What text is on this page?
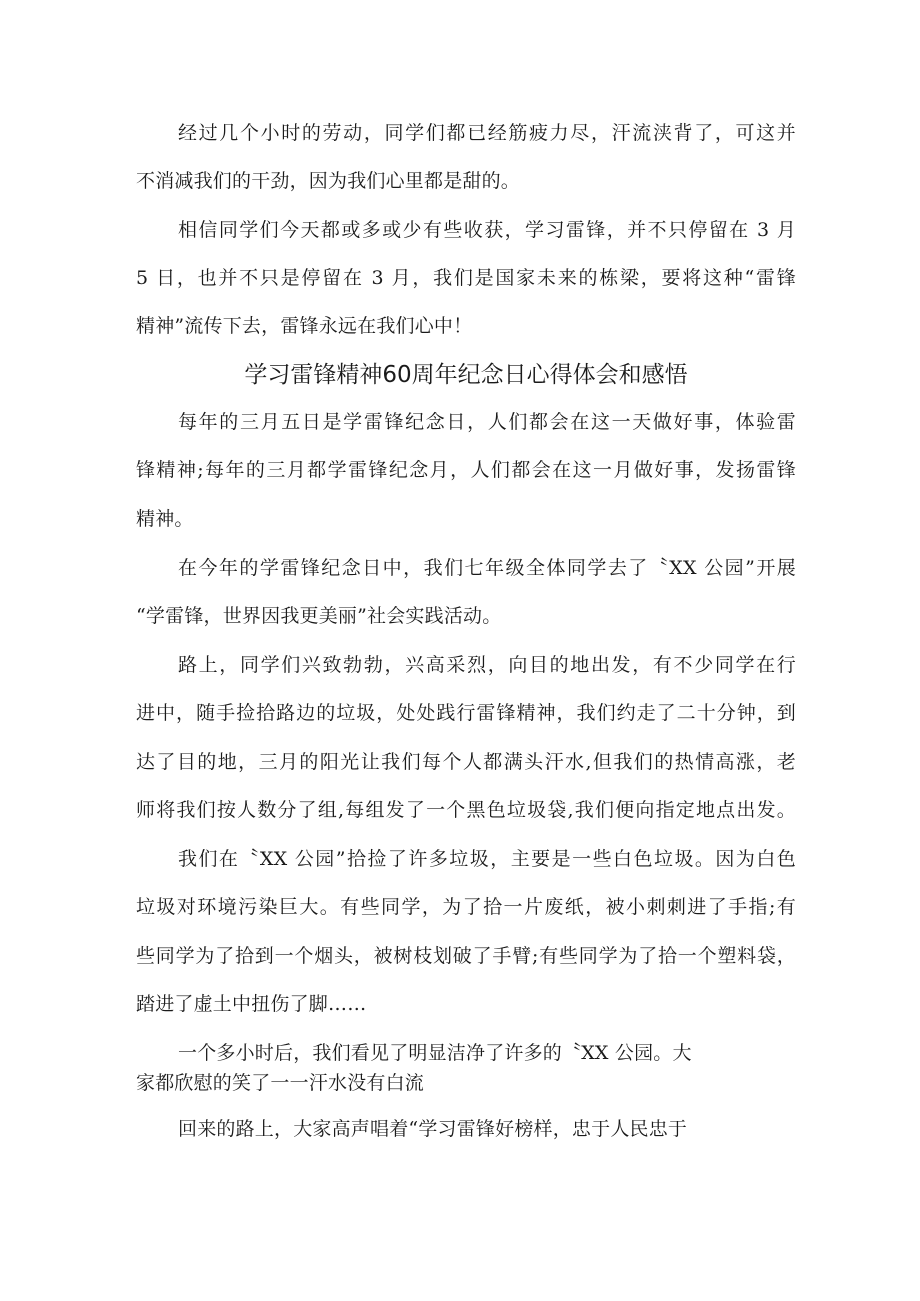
经过几个小时的劳动，同学们都已经筋疲力尽，汗流浃背了，可这并
不消减我们的干劲，因为我们心里都是甜的。
相信同学们今天都或多或少有些收获，学习雷锋，并不只停留在 3 月
5 日，也并不只是停留在 3 月，我们是国家未来的栋梁，要将这种“雷锋
精神”流传下去，雷锋永远在我们心中！
学习雷锋精神60周年纪念日心得体会和感悟
每年的三月五日是学雷锋纪念日，人们都会在这一天做好事，体验雷
锋精神;每年的三月都学雷锋纪念月，人们都会在这一月做好事，发扬雷锋
精神。
在今年的学雷锋纪念日中，我们七年级全体同学去了〝XX 公园”开展
“学雷锋，世界因我更美丽”社会实践活动。
路上，同学们兴致勃勃，兴高采烈，向目的地出发，有不少同学在行
进中，随手捡拾路边的垃圾，处处践行雷锋精神，我们约走了二十分钟，到
达了目的地，三月的阳光让我们每个人都满头汗水,但我们的热情高涨，老
师将我们按人数分了组,每组发了一个黑色垃圾袋,我们便向指定地点出发。
我们在〝XX 公园”拾捡了许多垃圾，主要是一些白色垃圾。因为白色
垃圾对环境污染巨大。有些同学，为了拾一片废纸，被小刺刺进了手指;有
些同学为了拾到一个烟头，被树枝划破了手臂;有些同学为了拾一个塑料袋，
踏进了虚土中扭伤了脚……
一个多小时后，我们看见了明显洁净了许多的〝XX 公园。大
家都欣慰的笑了一一汗水没有白流
回来的路上，大家高声唱着“学习雷锋好榜样，忠于人民忠于
